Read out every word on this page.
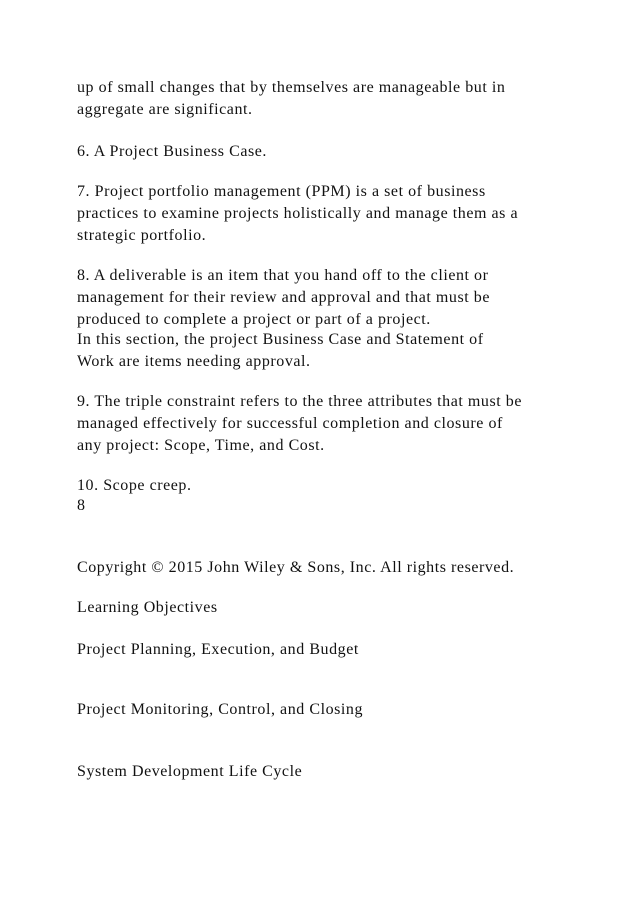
up of small changes that by themselves are manageable but in
aggregate are significant.
6. A Project Business Case.
7. Project portfolio management (PPM) is a set of business
practices to examine projects holistically and manage them as a
strategic portfolio.
8. A deliverable is an item that you hand off to the client or
management for their review and approval and that must be
produced to complete a project or part of a project.
In this section, the project Business Case and Statement of
Work are items needing approval.
9. The triple constraint refers to the three attributes that must be
managed effectively for successful completion and closure of
any project: Scope, Time, and Cost.
10. Scope creep.
8
Copyright © 2015 John Wiley & Sons, Inc. All rights reserved.
Learning Objectives
Project Planning, Execution, and Budget
Project Monitoring, Control, and Closing
System Development Life Cycle
